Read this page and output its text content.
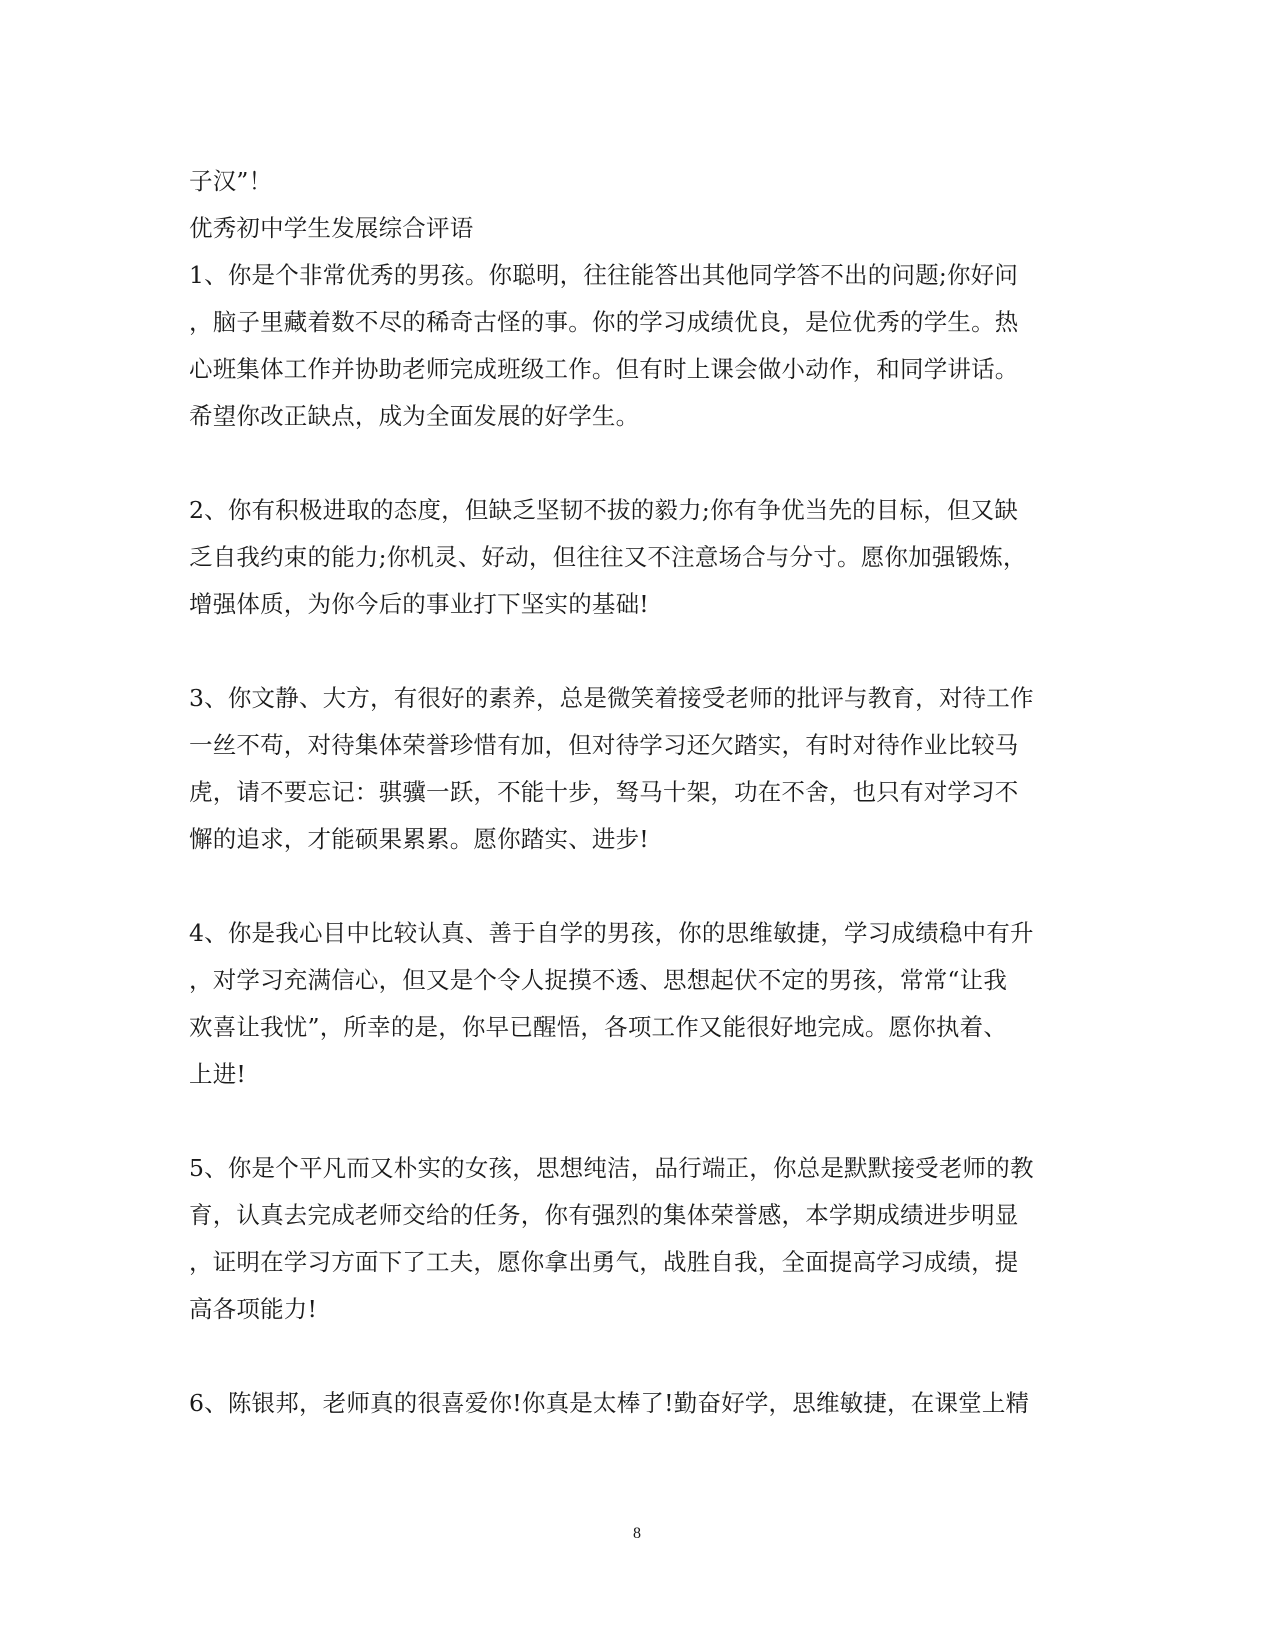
子汉”！
优秀初中学生发展综合评语
1、你是个非常优秀的男孩。你聪明，往往能答出其他同学答不出的问题;你好问
，脑子里藏着数不尽的稀奇古怪的事。你的学习成绩优良，是位优秀的学生。热
心班集体工作并协助老师完成班级工作。但有时上课会做小动作，和同学讲话。
希望你改正缺点，成为全面发展的好学生。
2、你有积极进取的态度，但缺乏坚韧不拔的毅力;你有争优当先的目标，但又缺
乏自我约束的能力;你机灵、好动，但往往又不注意场合与分寸。愿你加强锻炼，
增强体质，为你今后的事业打下坚实的基础!
3、你文静、大方，有很好的素养，总是微笑着接受老师的批评与教育，对待工作
一丝不苟，对待集体荣誉珍惜有加，但对待学习还欠踏实，有时对待作业比较马
虎，请不要忘记：骐骥一跃，不能十步，驽马十架，功在不舍，也只有对学习不
懈的追求，才能硕果累累。愿你踏实、进步!
4、你是我心目中比较认真、善于自学的男孩，你的思维敏捷，学习成绩稳中有升
，对学习充满信心，但又是个令人捉摸不透、思想起伏不定的男孩，常常“让我
欢喜让我忧”，所幸的是，你早已醒悟，各项工作又能很好地完成。愿你执着、
上进!
5、你是个平凡而又朴实的女孩，思想纯洁，品行端正，你总是默默接受老师的教
育，认真去完成老师交给的任务，你有强烈的集体荣誉感，本学期成绩进步明显
，证明在学习方面下了工夫，愿你拿出勇气，战胜自我，全面提高学习成绩，提
高各项能力!
6、陈银邦，老师真的很喜爱你!你真是太棒了!勤奋好学，思维敏捷，在课堂上精
8
